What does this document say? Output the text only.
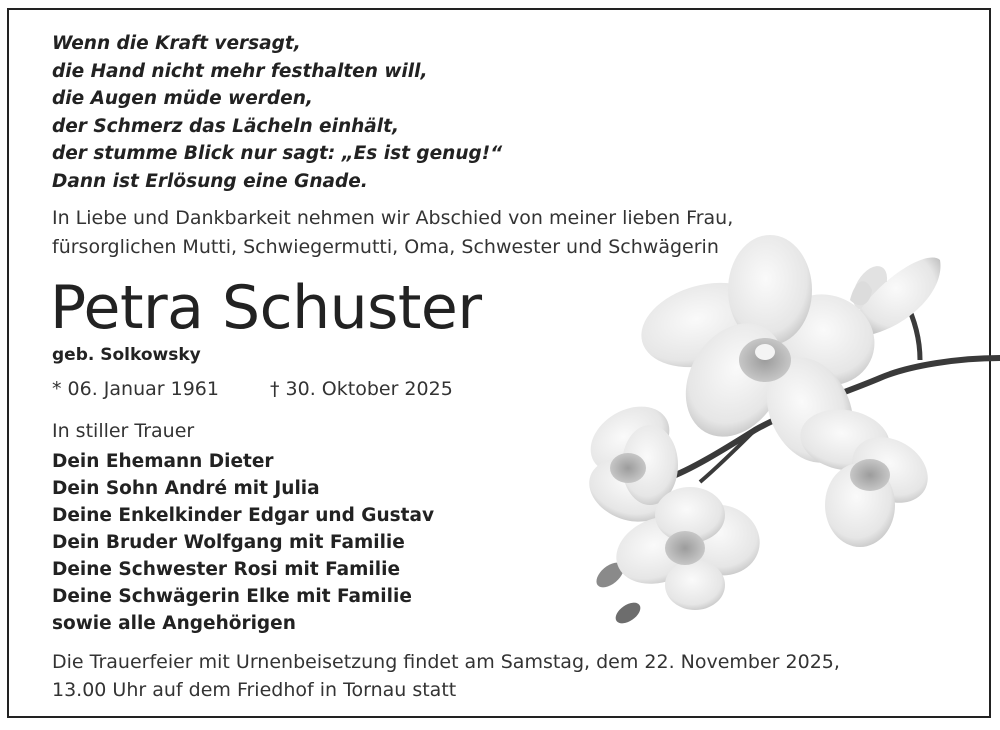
Wenn die Kraft versagt,
die Hand nicht mehr festhalten will,
die Augen müde werden,
der Schmerz das Lächeln einhält,
der stumme Blick nur sagt: „Es ist genug!“
Dann ist Erlösung eine Gnade.
In Liebe und Dankbarkeit nehmen wir Abschied von meiner lieben Frau,
fürsorglichen Mutti, Schwiegermutti, Oma, Schwester und Schwägerin
Petra Schuster
geb. Solkowsky
* 06. Januar 1961	† 30. Oktober 2025
In stiller Trauer
Dein Ehemann Dieter
Dein Sohn André mit Julia
Deine Enkelkinder Edgar und Gustav
Dein Bruder Wolfgang mit Familie
Deine Schwester Rosi mit Familie
Deine Schwägerin Elke mit Familie
sowie alle Angehörigen
Die Trauerfeier mit Urnenbeisetzung findet am Samstag, dem 22. November 2025,
13.00 Uhr auf dem Friedhof in Tornau statt
